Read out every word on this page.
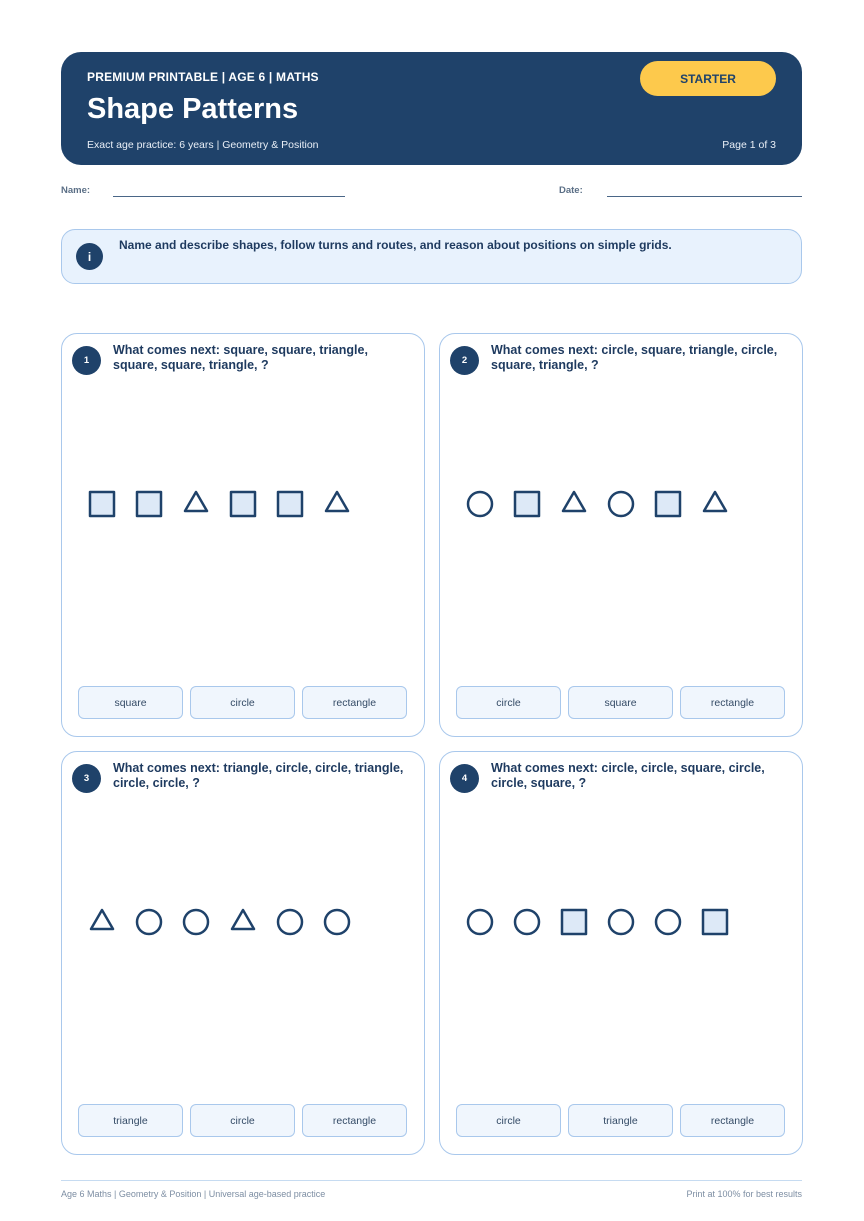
PREMIUM PRINTABLE | AGE 6 | MATHS
Shape Patterns
Exact age practice: 6 years | Geometry & Position	Page 1 of 3
STARTER
Name:	Date:
i
Name and describe shapes, follow turns and routes, and reason about positions on simple grids.
1
What comes next: square, square, triangle, square, square, triangle, ?
square	circle	rectangle
2
What comes next: circle, square, triangle, circle, square, triangle, ?
circle	square	rectangle
3
What comes next: triangle, circle, circle, triangle, circle, circle, ?
triangle	circle	rectangle
4
What comes next: circle, circle, square, circle, circle, square, ?
circle	triangle	rectangle
Age 6 Maths | Geometry & Position | Universal age-based practice	Print at 100% for best results
